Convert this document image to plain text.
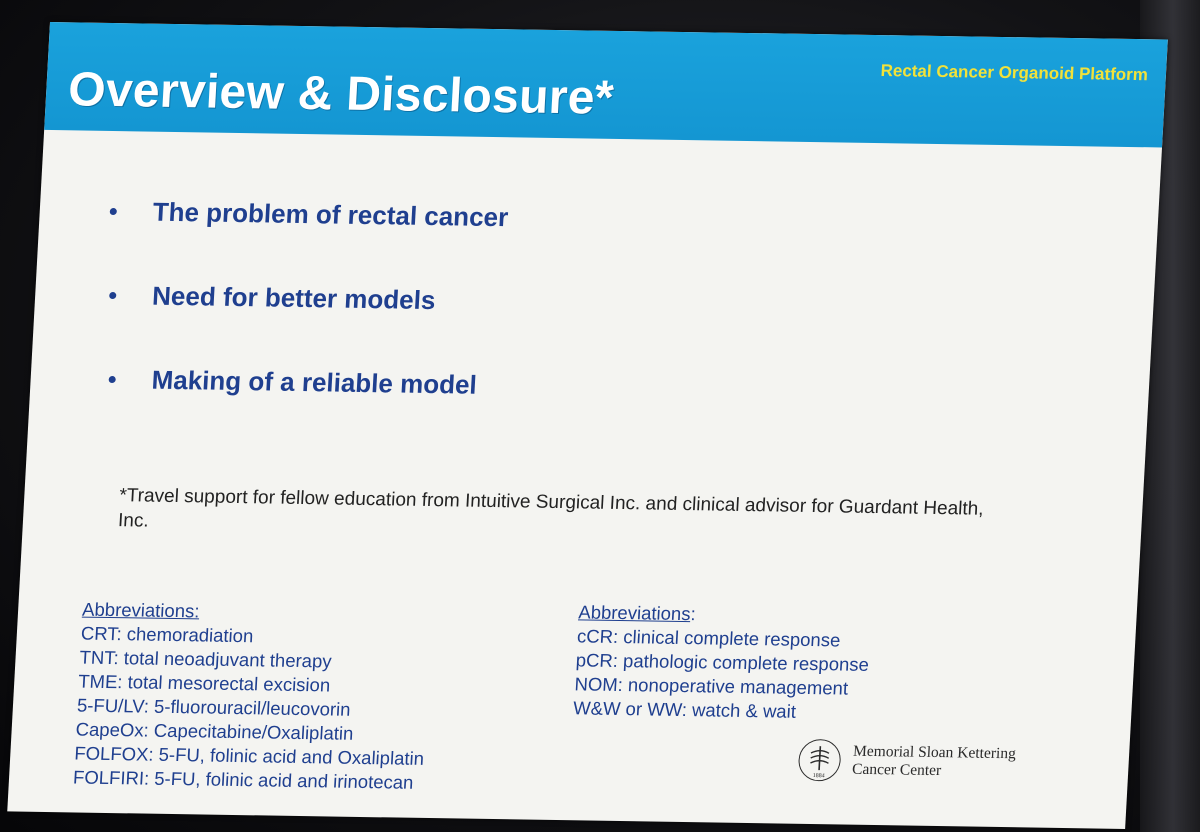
Rectal Cancer Organoid Platform
Overview & Disclosure*
The problem of rectal cancer
Need for better models
Making of a reliable model
*Travel support for fellow education from Intuitive Surgical Inc. and clinical advisor for Guardant Health, Inc.
Abbreviations:
CRT: chemoradiation
TNT: total neoadjuvant therapy
TME: total mesorectal excision
5-FU/LV: 5-fluorouracil/leucovorin
CapeOx: Capecitabine/Oxaliplatin
FOLFOX: 5-FU, folinic acid and Oxaliplatin
FOLFIRI: 5-FU, folinic acid and irinotecan
Abbreviations:
cCR: clinical complete response
pCR: pathologic complete response
NOM: nonoperative management
W&W or WW: watch & wait
1884
Memorial Sloan Kettering
Cancer Center
